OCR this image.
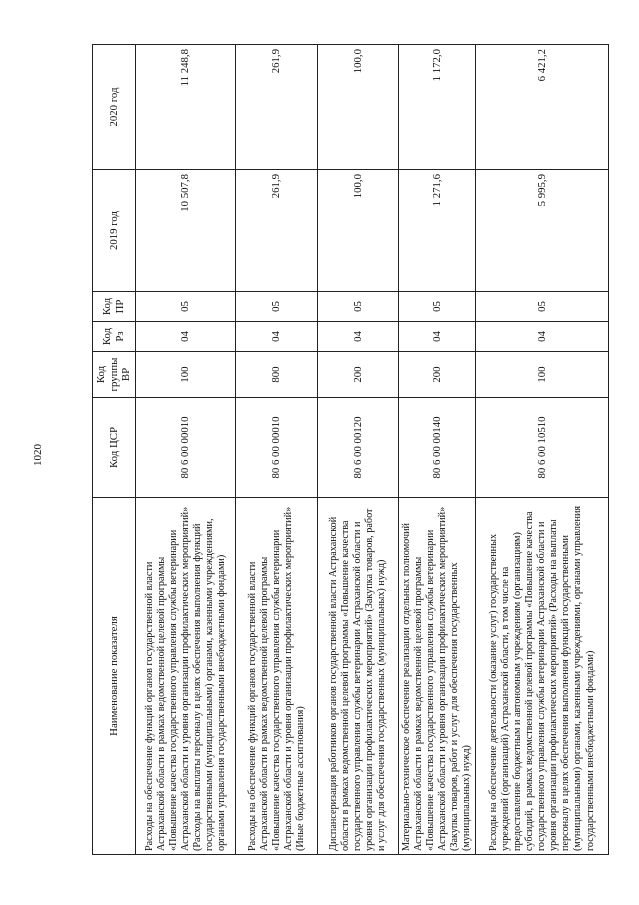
1020
Наименование показателя	Код ЦСР	Код группы ВР	Код Рз	Код ПР	2019 год	2020 год
Расходы на обеспечение функций органов государственной власти Астраханской области в рамках ведомственной целевой программы «Повышение качества государственного управления службы ветеринарии Астраханской области и уровня организации профилактических мероприятий» (Расходы на выплаты персоналу в целях обеспечения выполнения функций государственными (муниципальными) органами, казенными учреждениями, органами управления государственными внебюджетными фондами)	80 6 00 00010	100	04	05	10 507,8	11 248,8
Расходы на обеспечение функций органов государственной власти Астраханской области в рамках ведомственной целевой программы «Повышение качества государственного управления службы ветеринарии Астраханской области и уровня организации профилактических мероприятий» (Иные бюджетные ассигнования)	80 6 00 00010	800	04	05	261,9	261,9
Диспансеризация работников органов государственной власти Астраханской области в рамках ведомственной целевой программы «Повышение качества государственного управления службы ветеринарии Астраханской области и уровня организации профилактических мероприятий» (Закупка товаров, работ и услуг для обеспечения государственных (муниципальных) нужд)	80 6 00 00120	200	04	05	100,0	100,0
Материально-техническое обеспечение реализации отдельных полномочий Астраханской области в рамках ведомственной целевой программы «Повышение качества государственного управления службы ветеринарии Астраханской области и уровня организации профилактических мероприятий» (Закупка товаров, работ и услуг для обеспечения государственных (муниципальных) нужд)	80 6 00 00140	200	04	05	1 271,6	1 172,0
Расходы на обеспечение деятельности (оказание услуг) государственных учреждений (организаций) Астраханской области, в том числе на предоставление бюджетным и автономным учреждениям (организациям) субсидий, в рамках ведомственной целевой программы «Повышение качества государственного управления службы ветеринарии Астраханской области и уровня организации профилактических мероприятий» (Расходы на выплаты персоналу в целях обеспечения выполнения функций государственными (муниципальными) органами, казенными учреждениями, органами управления государственными внебюджетными фондами)	80 6 00 10510	100	04	05	5 995,9	6 421,2
